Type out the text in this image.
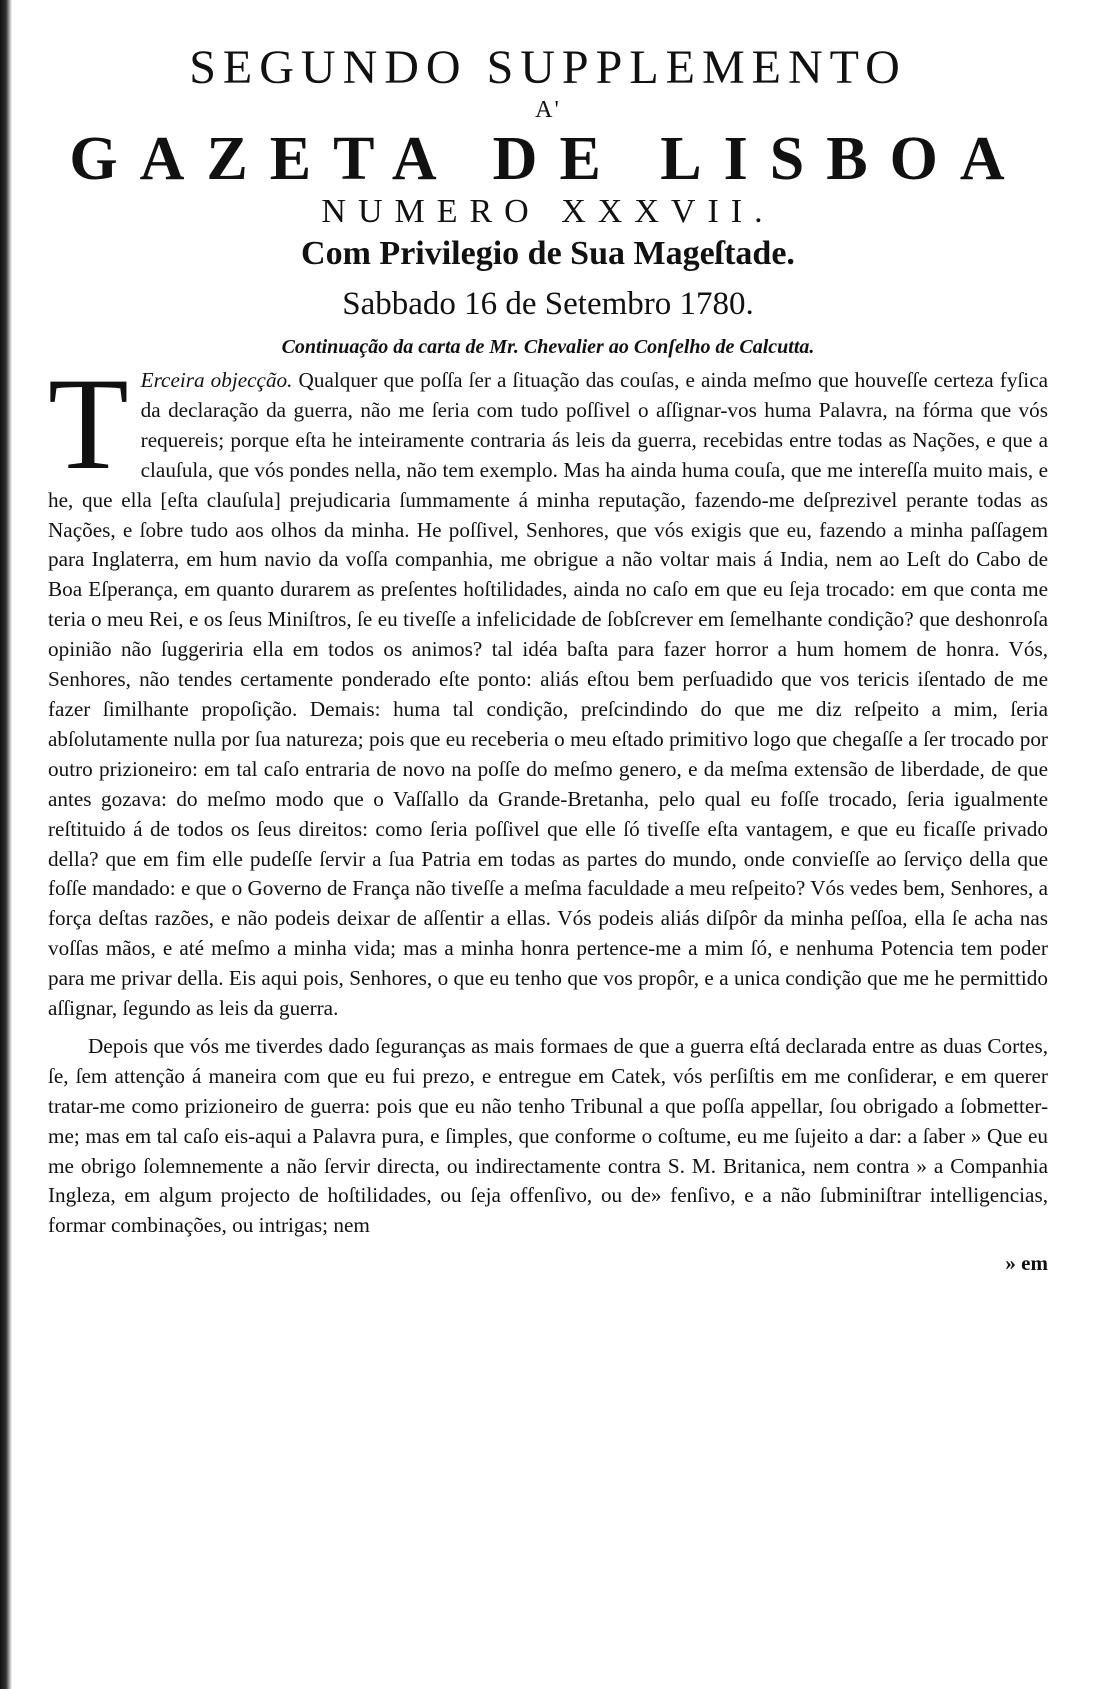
SEGUNDO SUPPLEMENTO
A'
GAZETA DE LISBOA
NUMERO XXXVII.
Com Privilegio de Sua Mageſtade.
Sabbado 16 de Setembro 1780.
Continuação da carta de Mr. Chevalier ao Conſelho de Calcutta.

T Erceira objecção. Qualquer que poſſa ſer a ſituação das couſas, e ainda meſmo que houveſſe certeza fyſica da declaração da guerra, não me ſeria com tudo poſſivel o aſſignar-vos huma Palavra, na fórma que vós requereis; porque eſta he inteiramente contraria ás leis da guerra, recebidas entre todas as Nações, e que a clauſula, que vós pondes nella, não tem exemplo. Mas ha ainda huma couſa, que me intereſſa muito mais, e he, que ella [eſta clauſula] prejudicaria ſummamente á minha reputação, fazendo-me deſprezivel perante todas as Nações, e ſobre tudo aos olhos da minha. He poſſivel, Senhores, que vós exigis que eu, fazendo a minha paſſagem para Inglaterra, em hum navio da voſſa companhia, me obrigue a não voltar mais á India, nem ao Leſt do Cabo de Boa Eſperança, em quanto durarem as preſentes hoſtilidades, ainda no caſo em que eu ſeja trocado: em que conta me teria o meu Rei, e os ſeus Miniſtros, ſe eu tiveſſe a infelicidade de ſobſcrever em ſemelhante condição? que deshonroſa opinião não ſuggeriria ella em todos os animos? tal idéa baſta para fazer horror a hum homem de honra. Vós, Senhores, não tendes certamente ponderado eſte ponto: aliás eſtou bem perſuadido que vos tericis iſentado de me fazer ſimilhante propoſição. Demais: huma tal condição, preſcindindo do que me diz reſpeito a mim, ſeria abſolutamente nulla por ſua natureza; pois que eu receberia o meu eſtado primitivo logo que chegaſſe a ſer trocado por outro prizioneiro: em tal caſo entraria de novo na poſſe do meſmo genero, e da meſma extensão de liberdade, de que antes gozava: do meſmo modo que o Vaſſallo da Grande-Bretanha, pelo qual eu foſſe trocado, ſeria igualmente reſtituido á de todos os ſeus direitos: como ſeria poſſivel que elle ſó tiveſſe eſta vantagem, e que eu ficaſſe privado della? que em fim elle pudeſſe ſervir a ſua Patria em todas as partes do mundo, onde convieſſe ao ſerviço della que foſſe mandado: e que o Governo de França não tiveſſe a meſma faculdade a meu reſpeito? Vós vedes bem, Senhores, a força deſtas razões, e não podeis deixar de aſſentir a ellas. Vós podeis aliás diſpôr da minha peſſoa, ella ſe acha nas voſſas mãos, e até meſmo a minha vida; mas a minha honra pertence-me a mim ſó, e nenhuma Potencia tem poder para me privar della. Eis aqui pois, Senhores, o que eu tenho que vos propôr, e a unica condição que me he permittido aſſignar, ſegundo as leis da guerra.

Depois que vós me tiverdes dado ſeguranças as mais formaes de que a guerra eſtá declarada entre as duas Cortes, ſe, ſem attenção á maneira com que eu fui prezo, e entregue em Catek, vós perſiſtis em me conſiderar, e em querer tratar-me como prizioneiro de guerra: pois que eu não tenho Tribunal a que poſſa appellar, ſou obrigado a ſobmetter-me; mas em tal caſo eis-aqui a Palavra pura, e ſimples, que conforme o coſtume, eu me ſujeito a dar: a ſaber » Que eu me obrigo ſolemnemente a não ſervir directa, ou indirectamente contra S. M. Britanica, nem contra » a Companhia Ingleza, em algum projecto de hoſtilidades, ou ſeja offenſivo, ou de» fenſivo, e a não ſubminiſtrar intelligencias, formar combinações, ou intrigas; nem

» em
